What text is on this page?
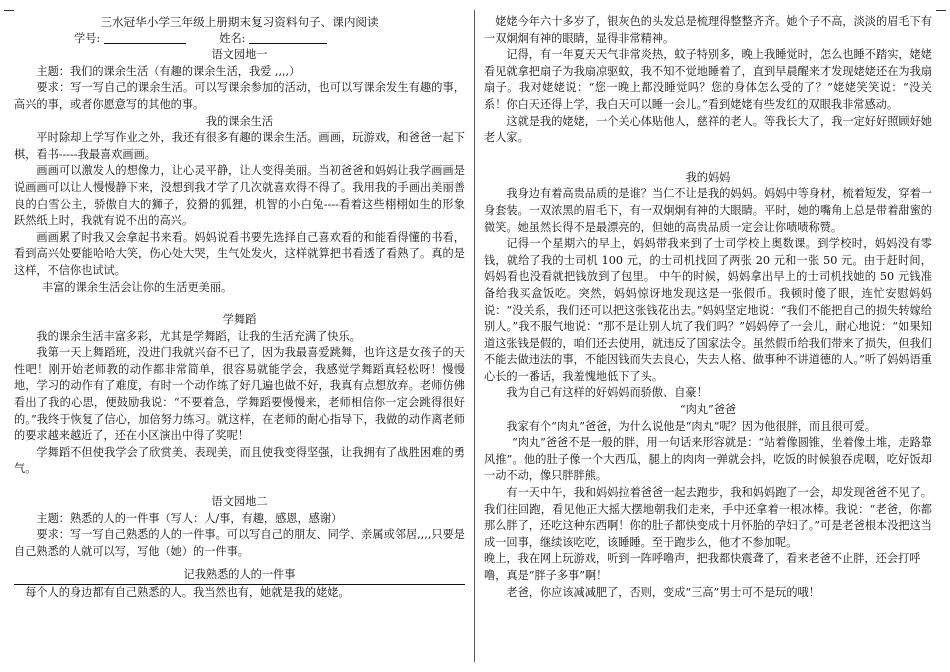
三水冠华小学三年级上册期末复习资料句子、课内阅读
学号:	姓名:
语文园地一

主题：我们的课余生活（有趣的课余生活，我爱 ,,,,）

要求：写一写自己的课余生活。可以写课余参加的活动，也可以写课余发生有趣的事，高兴的事，或者你愿意写的其他的事。

我的课余生活

平时除却上学写作业之外，我还有很多有趣的课余生活。画画，玩游戏，和爸爸一起下棋，看书-----我最喜欢画画。

画画可以激发人的想像力，让心灵平静，让人变得美丽。当初爸爸和妈妈让我学画画是说画画可以让人慢慢静下来，没想到我才学了几次就喜欢得不得了。我用我的手画出美丽善良的白雪公主，骄傲自大的狮子，狡猾的狐狸，机智的小白兔----看着这些栩栩如生的形象跃然纸上时，我就有说不出的高兴。

画画累了时我又会拿起书来看。妈妈说看书要先选择自己喜欢看的和能看得懂的书看，看到高兴处要能哈哈大笑，伤心处大哭，生气处发火，这样就算把书看透了看熟了。真的是这样，不信你也试试。

丰富的课余生活会让你的生活更美丽。

学舞蹈

我的课余生活丰富多彩，尤其是学舞蹈，让我的生活充满了快乐。

我第一天上舞蹈班，没进门我就兴奋不已了，因为我最喜爱跳舞，也许这是女孩子的天性吧！刚开始老师教的动作都非常简单，很容易就能学会，我感觉学舞蹈真轻松呀！慢慢地，学习的动作有了难度，有时一个动作练了好几遍也做不好，我真有点想放弃。老师仿佛看出了我的心思，便鼓励我说：“不要着急，学舞蹈要慢慢来，老师相信你一定会跳得很好的。”我终于恢复了信心，加倍努力练习。就这样，在老师的耐心指导下，我做的动作离老师的要求越来越近了，还在小区演出中得了奖呢！

学舞蹈不但使我学会了欣赏美、表现美，而且使我变得坚强，让我拥有了战胜困难的勇气。

语文园地二

主题：熟悉的人的一件事（写人：人/事，有趣，感恩，感谢）

要求：写一写自己熟悉的人的一件事。可以写自己的朋友、同学、亲属或邻居,,,,只要是自己熟悉的人就可以写，写他（她）的一件事。

记我熟悉的人的一件事

每个人的身边都有自己熟悉的人。我当然也有，她就是我的姥姥。

姥姥今年六十多岁了，银灰色的头发总是梳理得整整齐齐。她个子不高，淡淡的眉毛下有一双炯炯有神的眼睛，显得非常精神。

记得，有一年夏天天气非常炎热，蚊子特别多，晚上我睡觉时，怎么也睡不踏实，姥姥看见就拿把扇子为我扇凉驱蚊，我不知不觉地睡着了，直到早晨醒来才发现姥姥还在为我扇扇子。我对姥姥说：“您一晚上都没睡觉吗？您的身体怎么受的了？”姥姥笑笑说：“没关系！你白天还得上学，我白天可以睡一会儿。”看到姥姥有些发红的双眼我非常感动。

这就是我的姥姥，一个关心体贴他人，慈祥的老人。等我长大了，我一定好好照顾好她老人家。

我的妈妈

我身边有着高贵品质的是谁？当仁不让是我的妈妈。妈妈中等身材，梳着短发，穿着一身套装。一双浓黑的眉毛下，有一双炯炯有神的大眼睛。平时，她的嘴角上总是带着甜蜜的微笑。她虽然长得不是最漂亮的，但她的高贵品质一定会让你啧啧称赞。

记得一个星期六的早上，妈妈带我来到了士司学校上奥数课。到学校时，妈妈没有零钱，就给了我的士司机 100 元，的士司机找回了两张 20 元和一张 50 元。由于赶时间，妈妈看也没看就把钱放到了包里。 中午的时候，妈妈拿出早上的士司机找她的 50 元钱准备给我买盒饭吃。突然，妈妈惊讶地发现这是一张假币。我顿时傻了眼，连忙安慰妈妈说：“没关系，我们还可以把这张钱花出去。”妈妈坚定地说：“我们不能把自己的损失转嫁给别人。”我不服气地说：“那不是让别人坑了我们吗？”妈妈停了一会儿，耐心地说：“如果知道这张钱是假的，咱们还去使用，就违反了国家法令。虽然假币给我们带来了损失，但我们不能去做违法的事，不能因钱而失去良心，失去人格、做事种不讲道德的人。”听了妈妈语重心长的一番话，我羞愧地低下了头。

我为自己有这样的好妈妈而骄傲、自豪！

“肉丸”爸爸

我家有个“肉丸”爸爸，为什么说他是“肉丸”呢？因为他很胖，而且很可爱。

“肉丸”爸爸不是一般的胖，用一句话来形容就是：“站着像圆锥，坐着像土堆，走路靠风推”。他的肚子像一个大西瓜，腿上的肉肉一弹就会抖，吃饭的时候狼吞虎咽，吃好饭却一动不动，像只胖胖熊。

有一天中午，我和妈妈拉着爸爸一起去跑步，我和妈妈跑了一会，却发现爸爸不见了。我们往回跑，看见他正大摇大摆地朝我们走来，手中还拿着一根冰棒。我说：“老爸，你都那么胖了，还吃这种东西啊！你的肚子都快变成十月怀胎的孕妇了。”可是老爸根本没把这当成一回事，继续该吃吃，该睡睡。至于跑步么，他才不参加呢。

晚上，我在网上玩游戏，听到一阵呼噜声，把我都快震聋了，看来老爸不止胖，还会打呼噜，真是“胖子多事”啊！

老爸，你应该减减肥了，否则，变成“三高”男士可不是玩的哦！
